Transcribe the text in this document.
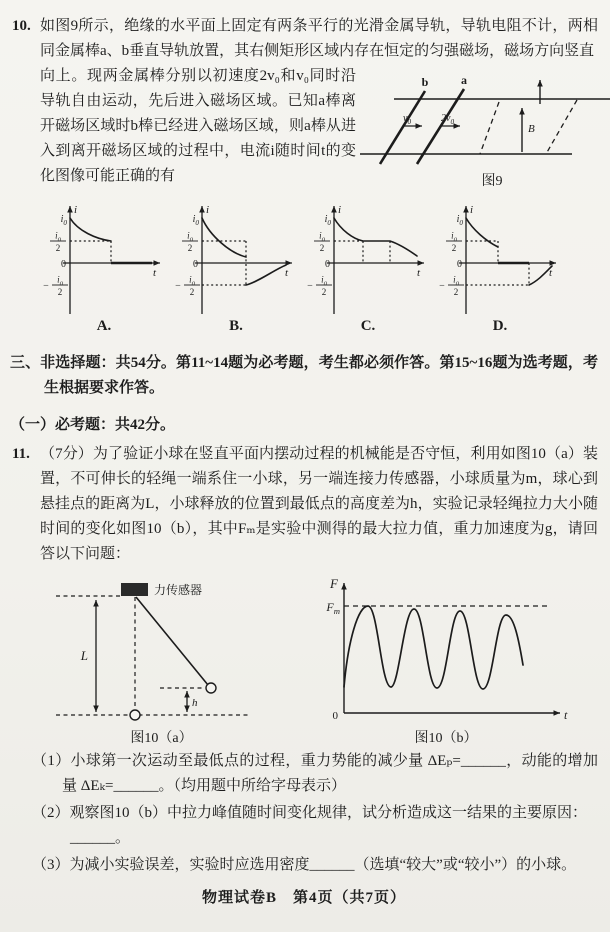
10. 如图9所示，绝缘的水平面上固定有两条平行的光滑金属导轨，导轨电阻不计，两相同金属棒a、b垂直导轨放置，其右侧矩形区域内存在恒定的匀强磁场，磁场方向竖直

向上。现两金属棒分别以初速度2v₀和v₀同时沿导轨自由运动，先后进入磁场区域。已知a棒离开磁场区域时b棒已经进入磁场区域，则a棒从进入到离开磁场区域的过程中，电流i随时间t的变化图像可能正确的有

b	a
$v_0$	$2v_0$
B
图9
i
t
0
$i_0$
$i_0$
2
$i_0$
2
−
A.
i
t
0
$i_0$
$i_0$
2
$i_0$
2
−
B.
i
t
0
$i_0$
$i_0$
2
$i_0$
2
−
C.
i
t
0
$i_0$
$i_0$
2
$i_0$
2
−
D.

三、非选择题：共54分。第11~14题为必考题，考生都必须作答。第15~16题为选考题，考生根据要求作答。

（一）必考题：共42分。

11. （7分）为了验证小球在竖直平面内摆动过程的机械能是否守恒，利用如图10（a）装置，不可伸长的轻绳一端系住一小球，另一端连接力传感器，小球质量为m，球心到悬挂点的距离为L，小球释放的位置到最低点的高度差为h，实验记录轻绳拉力大小随时间的变化如图10（b），其中Fₘ是实验中测得的最大拉力值，重力加速度为g，请回答以下问题：

力传感器
L
h
图10（a）
F
$F_m$
0	t
图10（b）

（1）小球第一次运动至最低点的过程，重力势能的减少量 ΔEₚ=______，动能的增加量 ΔEₖ=______。（均用题中所给字母表示）

（2）观察图10（b）中拉力峰值随时间变化规律，试分析造成这一结果的主要原因：

______。

（3）为减小实验误差，实验时应选用密度______（选填“较大”或“较小”）的小球。

物理试卷B　第4页（共7页）
